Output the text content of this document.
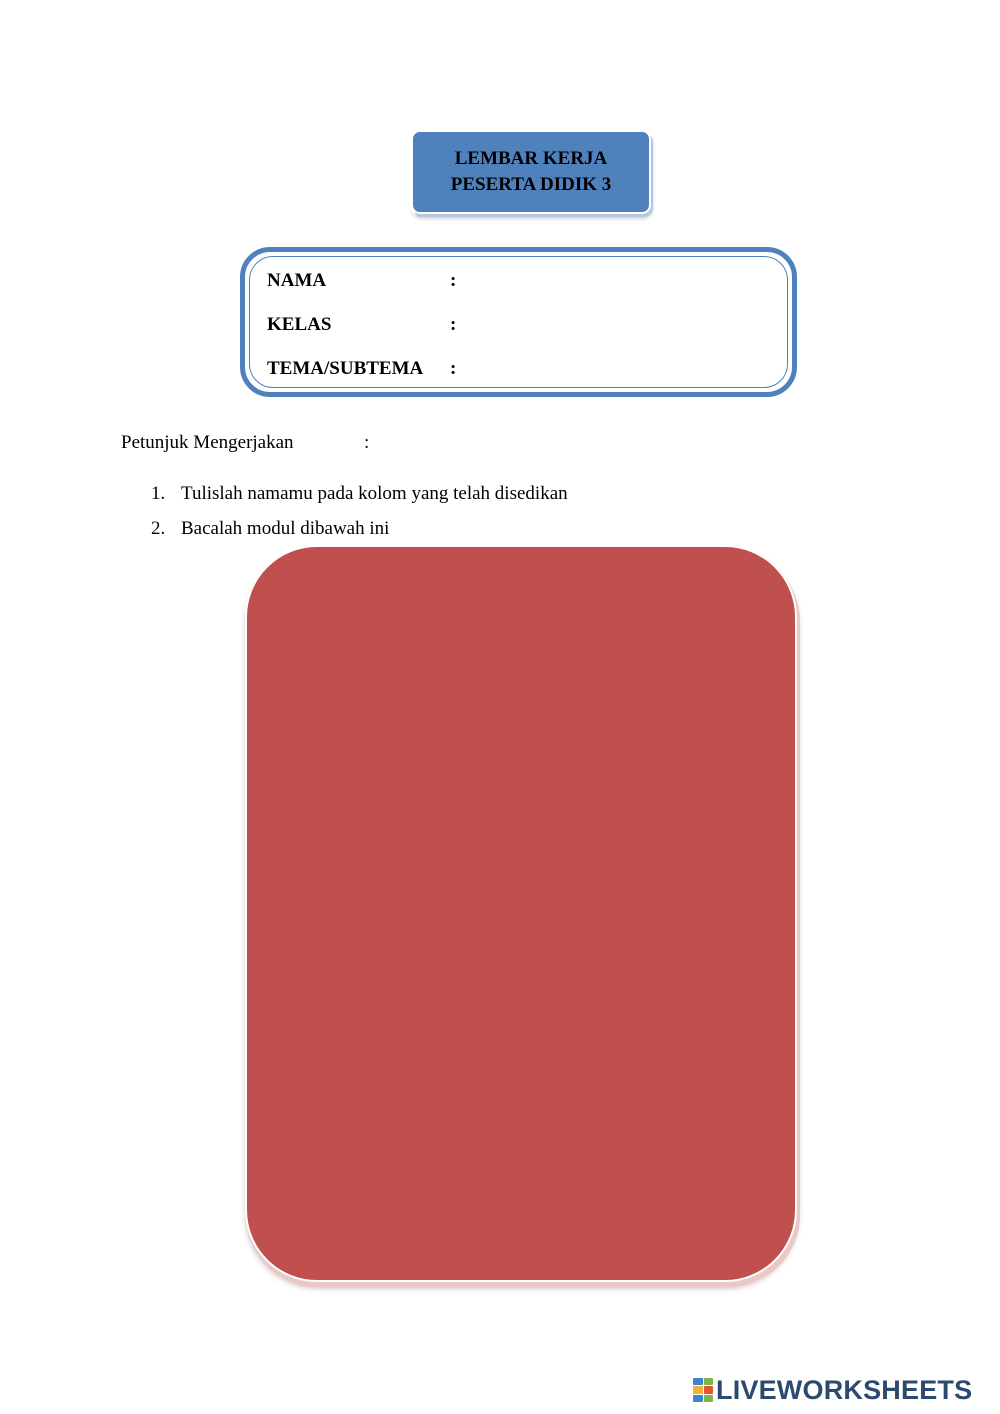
LEMBAR KERJA
PESERTA DIDIK 3
NAMA	:
KELAS	:
TEMA/SUBTEMA :
Petunjuk Mengerjakan	:
1. Tulislah namamu pada kolom yang telah disedikan
2. Bacalah modul dibawah ini
LIVEWORKSHEETS
